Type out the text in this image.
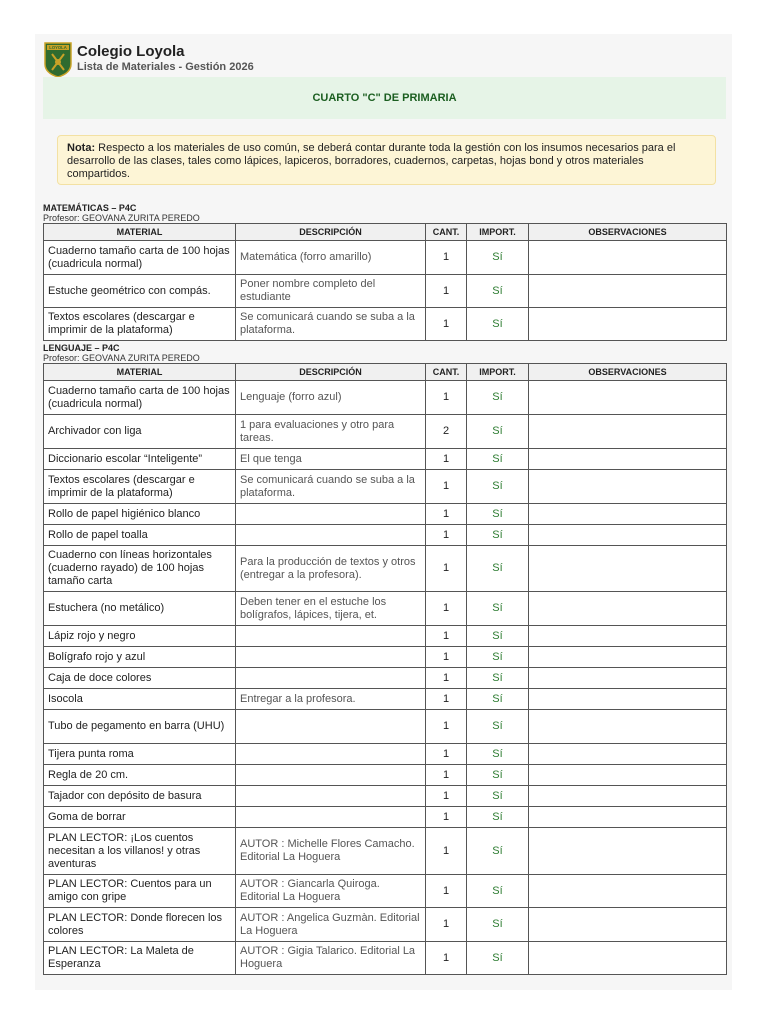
LOYOLA Colegio Loyola
Lista de Materiales - Gestión 2026
CUARTO "C" DE PRIMARIA
Nota: Respecto a los materiales de uso común, se deberá contar durante toda la gestión con los insumos necesarios para el desarrollo de las clases, tales como lápices, lapiceros, borradores, cuadernos, carpetas, hojas bond y otros materiales compartidos.
MATEMÁTICAS – P4C
Profesor: GEOVANA ZURITA PEREDO
MATERIAL	DESCRIPCIÓN	CANT.	IMPORT.	OBSERVACIONES
Cuaderno tamaño carta de 100 hojas (cuadricula normal)	Matemática (forro amarillo)	1	Sí	
Estuche geométrico con compás.	Poner nombre completo del estudiante	1	Sí	
Textos escolares (descargar e imprimir de la plataforma)	Se comunicará cuando se suba a la plataforma.	1	Sí	
LENGUAJE – P4C
Profesor: GEOVANA ZURITA PEREDO
MATERIAL	DESCRIPCIÓN	CANT.	IMPORT.	OBSERVACIONES
Cuaderno tamaño carta de 100 hojas (cuadricula normal)	Lenguaje (forro azul)	1	Sí	
Archivador con liga	1 para evaluaciones y otro para tareas.	2	Sí	
Diccionario escolar “Inteligente”	El que tenga	1	Sí	
Textos escolares (descargar e imprimir de la plataforma)	Se comunicará cuando se suba a la plataforma.	1	Sí	
Rollo de papel higiénico blanco		1	Sí	
Rollo de papel toalla		1	Sí	
Cuaderno con líneas horizontales (cuaderno rayado) de 100 hojas tamaño carta	Para la producción de textos y otros (entregar a la profesora).	1	Sí	
Estuchera (no metálico)	Deben tener en el estuche los bolígrafos, lápices, tijera, et.	1	Sí	
Lápiz rojo y negro		1	Sí	
Bolígrafo rojo y azul		1	Sí	
Caja de doce colores		1	Sí	
Isocola	Entregar a la profesora.	1	Sí	
Tubo de pegamento en barra (UHU)		1	Sí	
Tijera punta roma		1	Sí	
Regla de 20 cm.		1	Sí	
Tajador con depósito de basura		1	Sí	
Goma de borrar		1	Sí	
PLAN LECTOR: ¡Los cuentos necesitan a los villanos! y otras aventuras	AUTOR : Michelle Flores Camacho. Editorial La Hoguera	1	Sí	
PLAN LECTOR: Cuentos para un amigo con gripe	AUTOR : Giancarla Quiroga. Editorial La Hoguera	1	Sí	
PLAN LECTOR: Donde florecen los colores	AUTOR : Angelica Guzmàn. Editorial La Hoguera	1	Sí	
PLAN LECTOR: La Maleta de Esperanza	AUTOR : Gigia Talarico. Editorial La Hoguera	1	Sí	
